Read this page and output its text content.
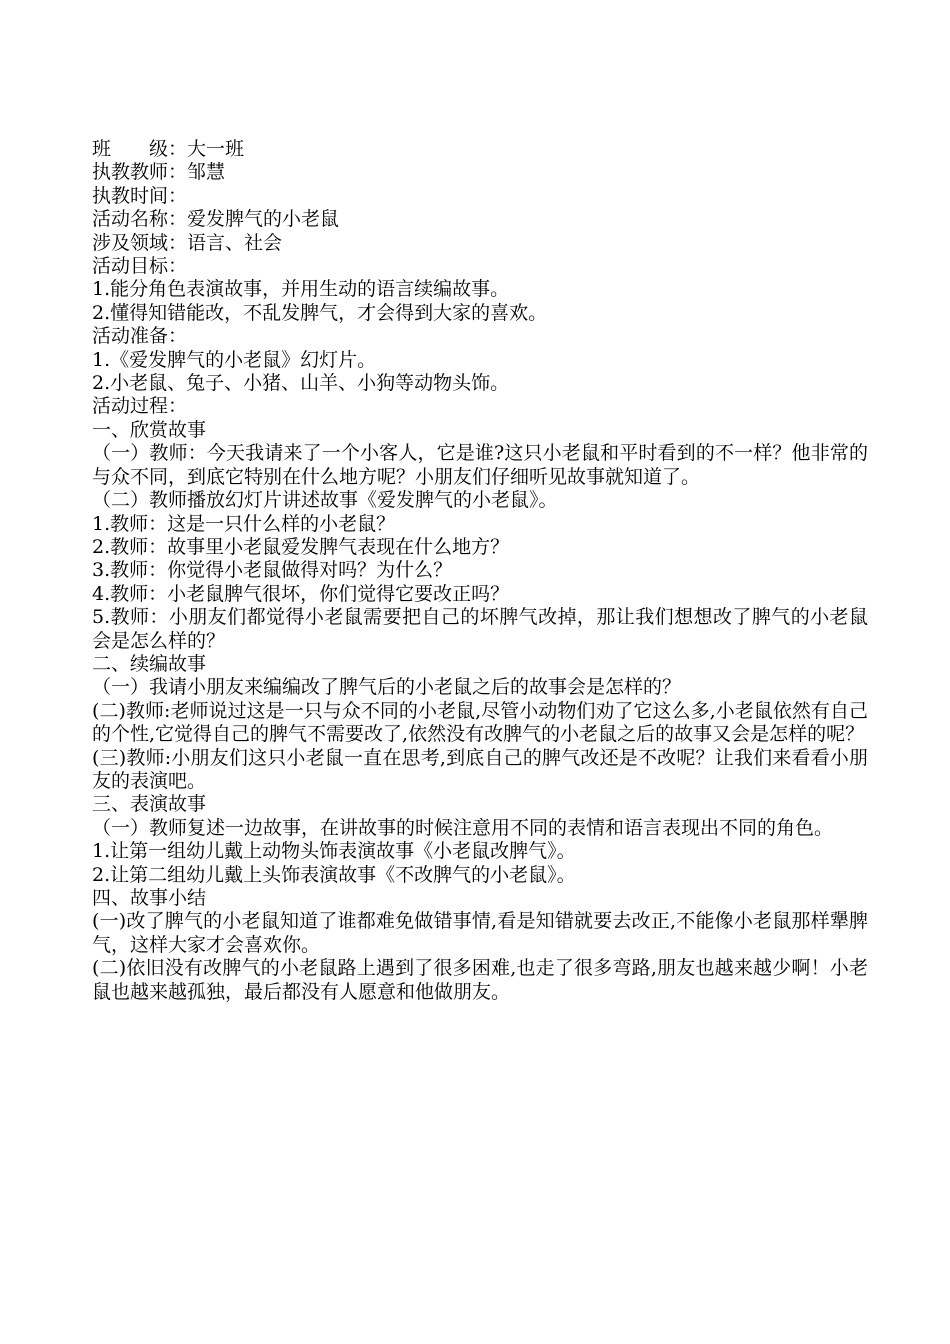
班　　级：大一班
执教教师：邹慧
执教时间：
活动名称：爱发脾气的小老鼠
涉及领域：语言、社会
活动目标：
1.能分角色表演故事，并用生动的语言续编故事。
2.懂得知错能改，不乱发脾气，才会得到大家的喜欢。
活动准备：
1.《爱发脾气的小老鼠》幻灯片。
2.小老鼠、兔子、小猪、山羊、小狗等动物头饰。
活动过程：
一、欣赏故事
（一）教师：今天我请来了一个小客人，它是谁?这只小老鼠和平时看到的不一样？他非常的与众不同，到底它特别在什么地方呢？小朋友们仔细听见故事就知道了。
（二）教师播放幻灯片讲述故事《爱发脾气的小老鼠》。
1.教师：这是一只什么样的小老鼠？
2.教师：故事里小老鼠爱发脾气表现在什么地方？
3.教师：你觉得小老鼠做得对吗？为什么？
4.教师：小老鼠脾气很坏，你们觉得它要改正吗？
5.教师：小朋友们都觉得小老鼠需要把自己的坏脾气改掉，那让我们想想改了脾气的小老鼠会是怎么样的？
二、续编故事
（一）我请小朋友来编编改了脾气后的小老鼠之后的故事会是怎样的？
(二)教师:老师说过这是一只与众不同的小老鼠,尽管小动物们劝了它这么多,小老鼠依然有自己的个性,它觉得自己的脾气不需要改了,依然没有改脾气的小老鼠之后的故事又会是怎样的呢？
(三)教师:小朋友们这只小老鼠一直在思考,到底自己的脾气改还是不改呢？让我们来看看小朋友的表演吧。
三、表演故事
（一）教师复述一边故事，在讲故事的时候注意用不同的表情和语言表现出不同的角色。
1.让第一组幼儿戴上动物头饰表演故事《小老鼠改脾气》。
2.让第二组幼儿戴上头饰表演故事《不改脾气的小老鼠》。
四、故事小结
(一)改了脾气的小老鼠知道了谁都难免做错事情,看是知错就要去改正,不能像小老鼠那样犟脾气，这样大家才会喜欢你。
(二)依旧没有改脾气的小老鼠路上遇到了很多困难,也走了很多弯路,朋友也越来越少啊！小老鼠也越来越孤独，最后都没有人愿意和他做朋友。
